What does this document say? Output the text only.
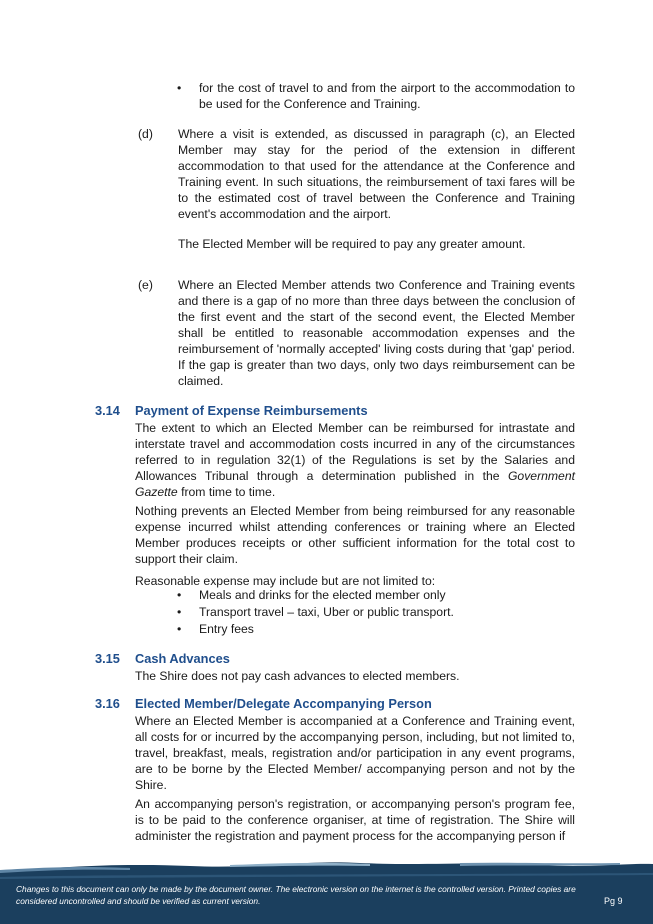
• for the cost of travel to and from the airport to the accommodation to be used for the Conference and Training.

(d) Where a visit is extended, as discussed in paragraph (c), an Elected Member may stay for the period of the extension in different accommodation to that used for the attendance at the Conference and Training event. In such situations, the reimbursement of taxi fares will be to the estimated cost of travel between the Conference and Training event's accommodation and the airport.

The Elected Member will be required to pay any greater amount.

(e) Where an Elected Member attends two Conference and Training events and there is a gap of no more than three days between the conclusion of the first event and the start of the second event, the Elected Member shall be entitled to reasonable accommodation expenses and the reimbursement of 'normally accepted' living costs during that 'gap' period. If the gap is greater than two days, only two days reimbursement can be claimed.

3.14 Payment of Expense Reimbursements

The extent to which an Elected Member can be reimbursed for intrastate and interstate travel and accommodation costs incurred in any of the circumstances referred to in regulation 32(1) of the Regulations is set by the Salaries and Allowances Tribunal through a determination published in the Government Gazette from time to time.

Nothing prevents an Elected Member from being reimbursed for any reasonable expense incurred whilst attending conferences or training where an Elected Member produces receipts or other sufficient information for the total cost to support their claim.

Reasonable expense may include but are not limited to:

• Meals and drinks for the elected member only

• Transport travel – taxi, Uber or public transport.

• Entry fees

3.15 Cash Advances

The Shire does not pay cash advances to elected members.

3.16 Elected Member/Delegate Accompanying Person

Where an Elected Member is accompanied at a Conference and Training event, all costs for or incurred by the accompanying person, including, but not limited to, travel, breakfast, meals, registration and/or participation in any event programs, are to be borne by the Elected Member/ accompanying person and not by the Shire.

An accompanying person's registration, or accompanying person's program fee, is to be paid to the conference organiser, at time of registration. The Shire will administer the registration and payment process for the accompanying person if

Changes to this document can only be made by the document owner. The electronic version on the internet is the controlled version. Printed copies are considered uncontrolled and should be verified as current version.	Pg 9
